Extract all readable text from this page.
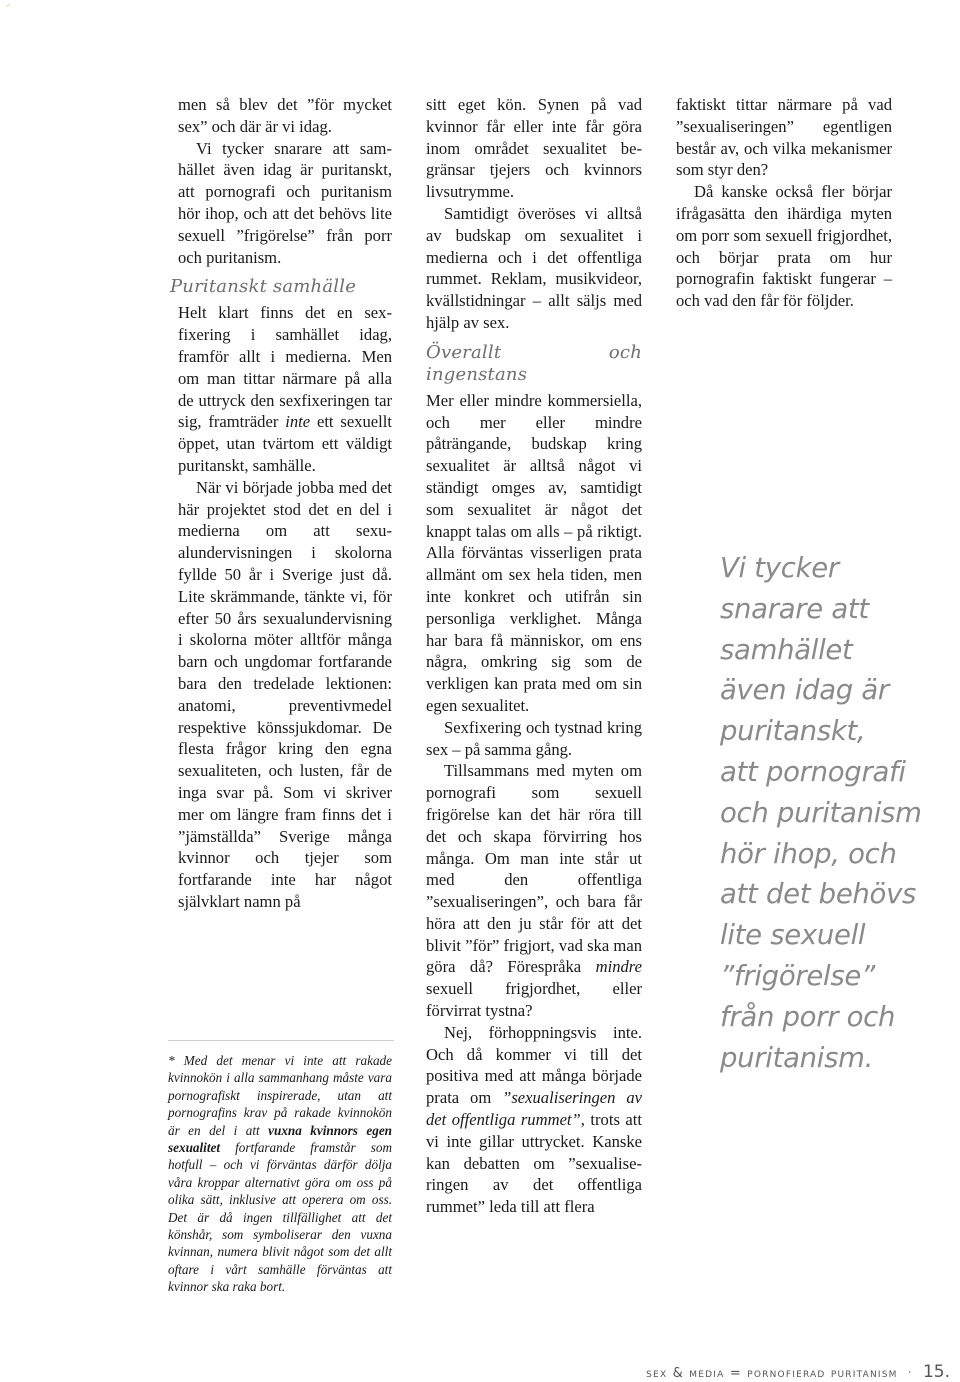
⸍

men så blev det ”för mycket sex” och där är vi idag.

Vi tycker snarare att samhället även idag är puritanskt, att pornografi och puritanism hör ihop, och att det behövs lite sexuell ”frigörelse” från porr och puritanism.

Puritanskt samhälle

Helt klart finns det en sexfixering i samhället idag, framför allt i medierna. Men om man tittar närmare på alla de uttryck den sexfixeringen tar sig, framträder inte ett sexuellt öppet, utan tvärtom ett väldigt puritanskt, samhälle.

När vi började jobba med det här projektet stod det en del i medierna om att sexualundervisningen i skolorna fyllde 50 år i Sverige just då. Lite skrämmande, tänkte vi, för efter 50 års sexualundervisning i skolorna möter alltför många barn och ungdomar fortfarande bara den tredelade lektionen: anatomi, preventivmedel respektive könssjukdomar. De flesta frågor kring den egna sexualiteten, och lusten, får de inga svar på. Som vi skriver mer om längre fram finns det i ”jämställda” Sverige många kvinnor och tjejer som fortfarande inte har något självklart namn på

* Med det menar vi inte att rakade kvinnokön i alla sammanhang måste vara pornografiskt inspirerade, utan att pornografins krav på rakade kvinnokön är en del i att vuxna kvinnors egen sexualitet fortfarande framstår som hotfull – och vi förväntas därför dölja våra kroppar alternativt göra om oss på olika sätt, inklusive att operera om oss. Det är då ingen tillfällighet att det könshår, som symboliserar den vuxna kvinnan, numera blivit något som det allt oftare i vårt samhälle förväntas att kvinnor ska raka bort.

sitt eget kön. Synen på vad kvinnor får eller inte får göra inom området sexualitet begränsar tjejers och kvinnors livsutrymme.

Samtidigt överöses vi alltså av budskap om sexualitet i medierna och i det offentliga rummet. Reklam, musikvideor, kvällstidningar – allt säljs med hjälp av sex.

Överallt och ingenstans

Mer eller mindre kommersiella, och mer eller mindre påträngande, budskap kring sexualitet är alltså något vi ständigt omges av, samtidigt som sexualitet är något det knappt talas om alls – på riktigt. Alla förväntas visserligen prata allmänt om sex hela tiden, men inte konkret och utifrån sin personliga verklighet. Många har bara få människor, om ens några, omkring sig som de verkligen kan prata med om sin egen sexualitet.

Sexfixering och tystnad kring sex – på samma gång.

Tillsammans med myten om pornografi som sexuell frigörelse kan det här röra till det och skapa förvirring hos många. Om man inte står ut med den offentliga ”sexualiseringen”, och bara får höra att den ju står för att det blivit ”för” frigjort, vad ska man göra då? Förespråka mindre sexuell frigjordhet, eller förvirrat tystna?

Nej, förhoppningsvis inte. Och då kommer vi till det positiva med att många började prata om ”sexualiseringen av det offentliga rummet”, trots att vi inte gillar uttrycket. Kanske kan debatten om ”sexualiseringen av det offentliga rummet” leda till att flera

faktiskt tittar närmare på vad ”sexualiseringen” egentligen består av, och vilka mekanismer som styr den?

Då kanske också fler börjar ifrågasätta den ihärdiga myten om porr som sexuell frigjordhet, och börjar prata om hur pornografin faktiskt fungerar – och vad den får för följder.

Vi tycker
snarare att
samhället
även idag är
puritanskt,
att pornografi
och puritanism
hör ihop, och
att det behövs
lite sexuell
”frigörelse”
från porr och
puritanism.
sex & media = pornofierad puritanism · 15.
